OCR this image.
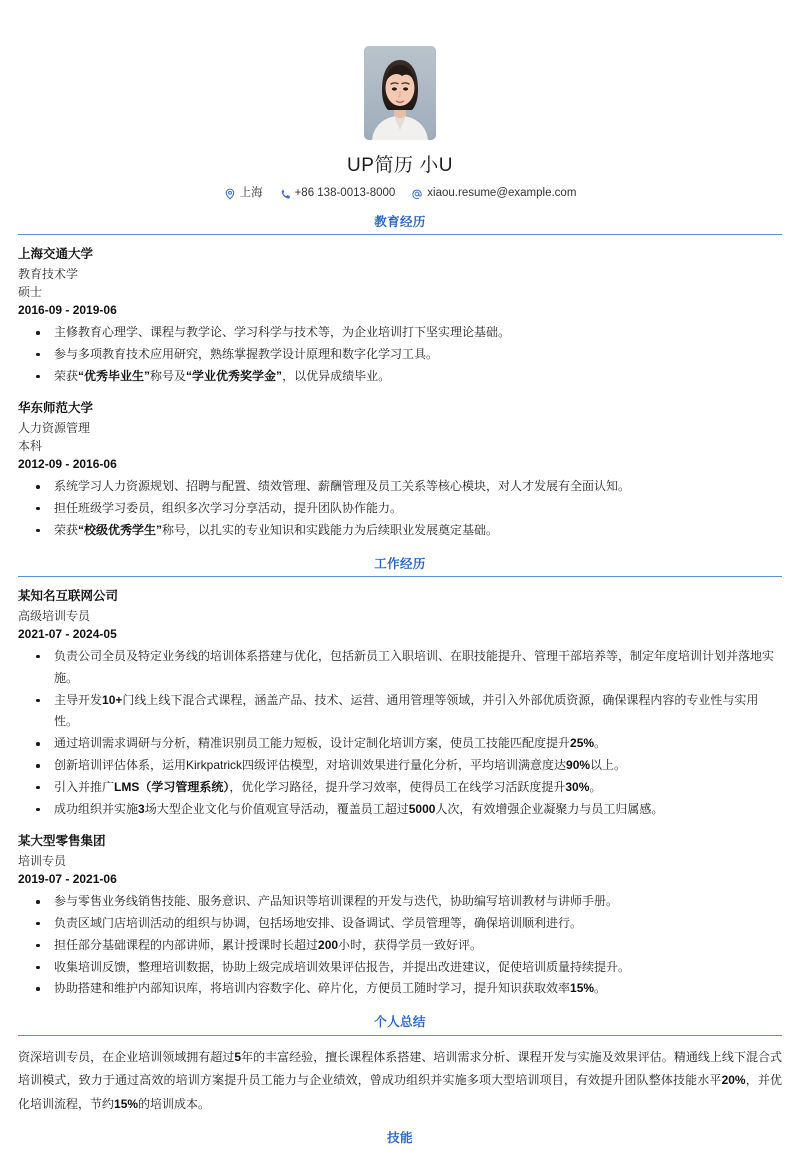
UP简历 小U
上海	+86 138-0013-8000	xiaou.resume@example.com
教育经历
上海交通大学
教育技术学
硕士
2016-09 - 2019-06
主修教育心理学、课程与教学论、学习科学与技术等，为企业培训打下坚实理论基础。
参与多项教育技术应用研究，熟练掌握教学设计原理和数字化学习工具。
荣获“优秀毕业生”称号及“学业优秀奖学金”，以优异成绩毕业。
华东师范大学
人力资源管理
本科
2012-09 - 2016-06
系统学习人力资源规划、招聘与配置、绩效管理、薪酬管理及员工关系等核心模块，对人才发展有全面认知。
担任班级学习委员，组织多次学习分享活动，提升团队协作能力。
荣获“校级优秀学生”称号，以扎实的专业知识和实践能力为后续职业发展奠定基础。
工作经历
某知名互联网公司
高级培训专员
2021-07 - 2024-05
负责公司全员及特定业务线的培训体系搭建与优化，包括新员工入职培训、在职技能提升、管理干部培养等，制定年度培训计划并落地实施。
主导开发10+门线上线下混合式课程，涵盖产品、技术、运营、通用管理等领域，并引入外部优质资源，确保课程内容的专业性与实用性。
通过培训需求调研与分析，精准识别员工能力短板，设计定制化培训方案，使员工技能匹配度提升25%。
创新培训评估体系，运用Kirkpatrick四级评估模型，对培训效果进行量化分析，平均培训满意度达90%以上。
引入并推广LMS（学习管理系统），优化学习路径，提升学习效率，使得员工在线学习活跃度提升30%。
成功组织并实施3场大型企业文化与价值观宣导活动，覆盖员工超过5000人次，有效增强企业凝聚力与员工归属感。
某大型零售集团
培训专员
2019-07 - 2021-06
参与零售业务线销售技能、服务意识、产品知识等培训课程的开发与迭代，协助编写培训教材与讲师手册。
负责区域门店培训活动的组织与协调，包括场地安排、设备调试、学员管理等，确保培训顺利进行。
担任部分基础课程的内部讲师，累计授课时长超过200小时，获得学员一致好评。
收集培训反馈，整理培训数据，协助上级完成培训效果评估报告，并提出改进建议，促使培训质量持续提升。
协助搭建和维护内部知识库，将培训内容数字化、碎片化，方便员工随时学习，提升知识获取效率15%。
个人总结

资深培训专员，在企业培训领域拥有超过5年的丰富经验，擅长课程体系搭建、培训需求分析、课程开发与实施及效果评估。精通线上线下混合式培训模式，致力于通过高效的培训方案提升员工能力与企业绩效，曾成功组织并实施多项大型培训项目，有效提升团队整体技能水平20%，并优化培训流程，节约15%的培训成本。

技能
